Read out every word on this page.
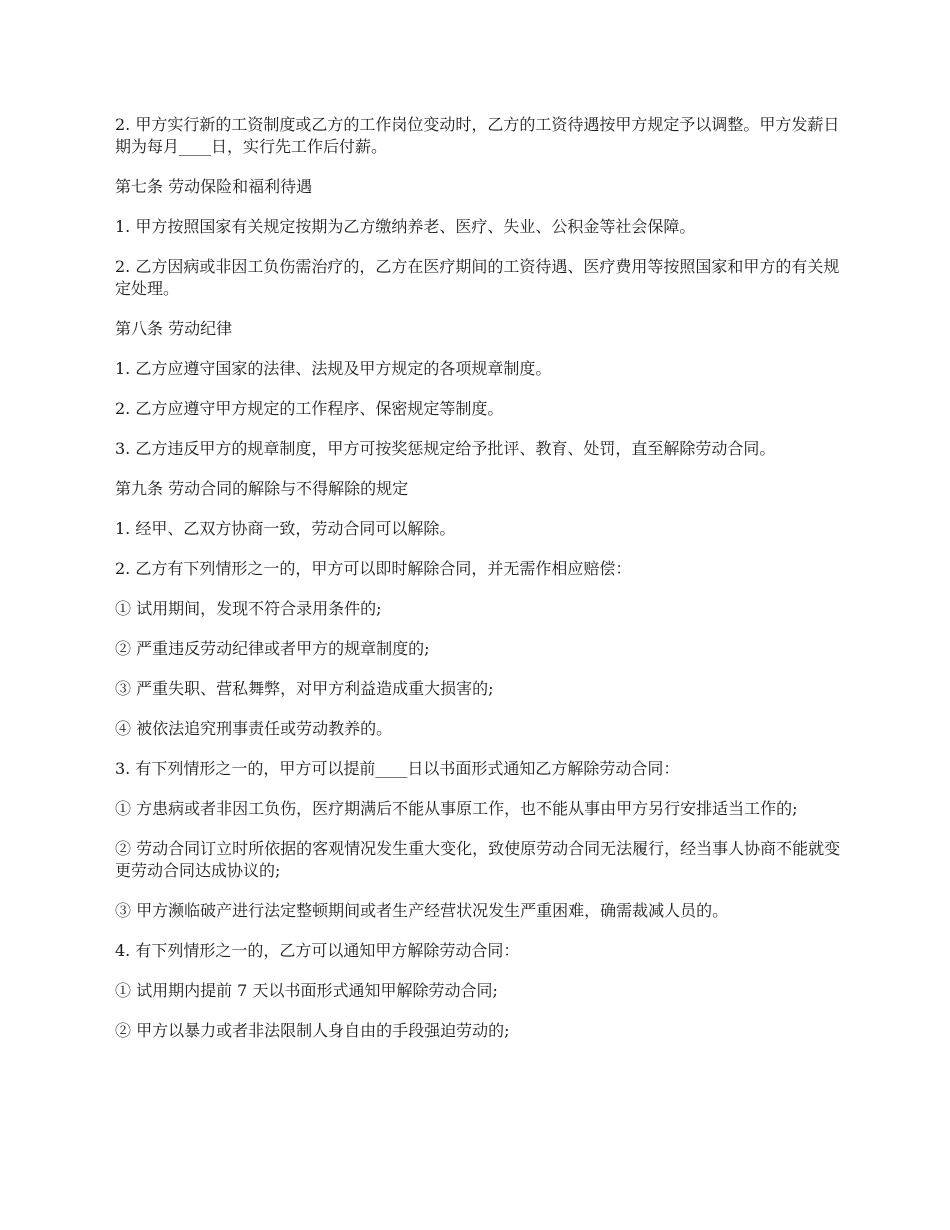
2. 甲方实行新的工资制度或乙方的工作岗位变动时，乙方的工资待遇按甲方规定予以调整。甲方发薪日期为每月____日，实行先工作后付薪。

第七条 劳动保险和福利待遇

1. 甲方按照国家有关规定按期为乙方缴纳养老、医疗、失业、公积金等社会保障。

2. 乙方因病或非因工负伤需治疗的，乙方在医疗期间的工资待遇、医疗费用等按照国家和甲方的有关规定处理。

第八条 劳动纪律

1. 乙方应遵守国家的法律、法规及甲方规定的各项规章制度。

2. 乙方应遵守甲方规定的工作程序、保密规定等制度。

3. 乙方违反甲方的规章制度，甲方可按奖惩规定给予批评、教育、处罚，直至解除劳动合同。

第九条 劳动合同的解除与不得解除的规定

1. 经甲、乙双方协商一致，劳动合同可以解除。

2. 乙方有下列情形之一的，甲方可以即时解除合同，并无需作相应赔偿：

① 试用期间，发现不符合录用条件的;

② 严重违反劳动纪律或者甲方的规章制度的;

③ 严重失职、营私舞弊，对甲方利益造成重大损害的;

④ 被依法追究刑事责任或劳动教养的。

3. 有下列情形之一的，甲方可以提前____日以书面形式通知乙方解除劳动合同：

① 方患病或者非因工负伤，医疗期满后不能从事原工作，也不能从事由甲方另行安排适当工作的;

② 劳动合同订立时所依据的客观情况发生重大变化，致使原劳动合同无法履行，经当事人协商不能就变更劳动合同达成协议的;

③ 甲方濒临破产进行法定整顿期间或者生产经营状况发生严重困难，确需裁减人员的。

4. 有下列情形之一的，乙方可以通知甲方解除劳动合同：

① 试用期内提前 7 天以书面形式通知甲解除劳动合同;

② 甲方以暴力或者非法限制人身自由的手段强迫劳动的;
